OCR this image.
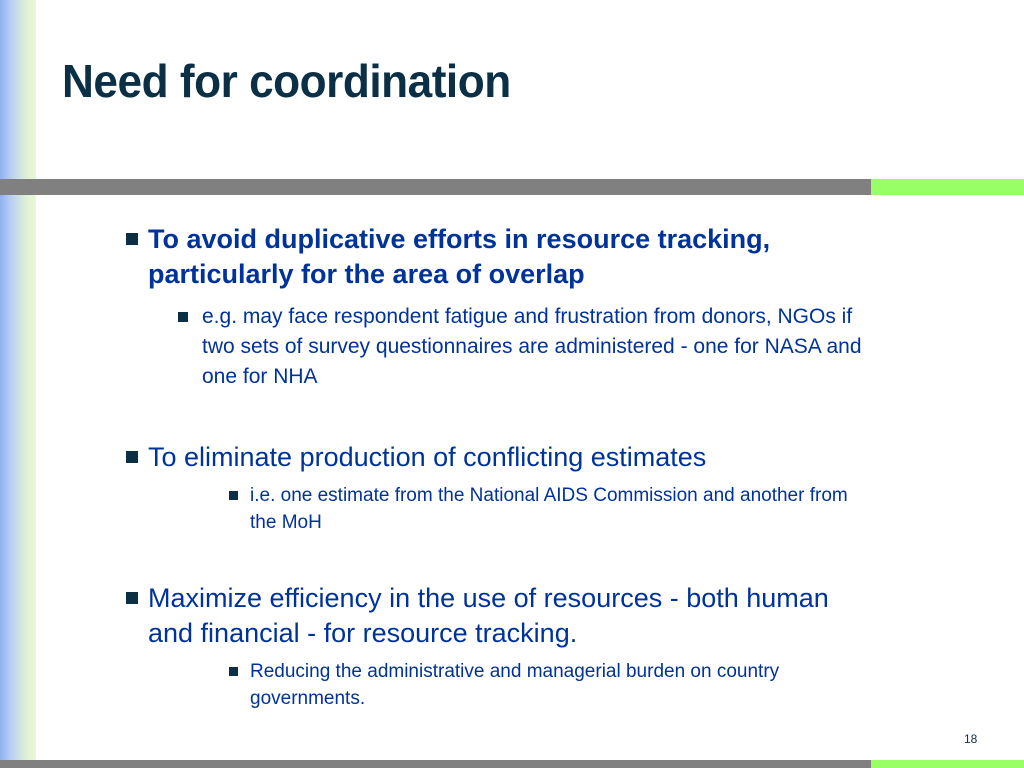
Need for coordination
To avoid duplicative efforts in resource tracking, particularly for the area of overlap
e.g. may face respondent fatigue and frustration from donors, NGOs if two sets of survey questionnaires are administered - one for NASA and one for NHA
To eliminate production of conflicting estimates
i.e. one estimate from the National AIDS Commission and another from the MoH
Maximize efficiency in the use of resources - both human and financial - for resource tracking.
Reducing the administrative and managerial burden on country governments.
18
